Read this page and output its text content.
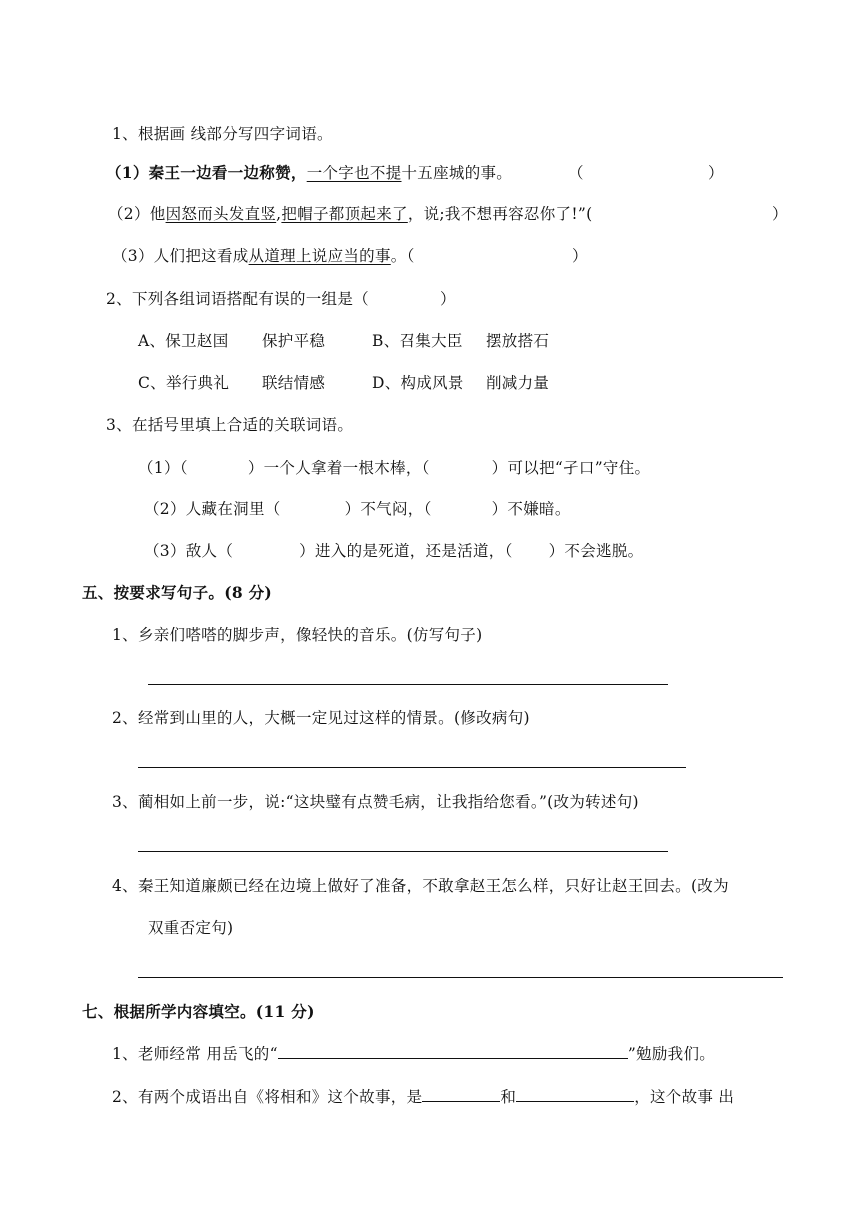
1、根据画 线部分写四字词语。
（1）秦王一边看一边称赞，一个字也不提十五座城的事。	（	）
（2）他因怒而头发直竖,把帽子都顶起来了，说;我不想再容忍你了!”(	）
（3）人们把这看成从道理上说应当的事。（	）
2、下列各组词语搭配有误的一组是（	）
A、保卫赵国 保护平稳	B、召集大臣 摆放搭石
C、举行典礼 联结情感	D、构成风景 削减力量
3、在括号里填上合适的关联词语。
（1）（	）一个人拿着一根木棒，（	）可以把“孑口”守住。
（2）人藏在洞里（	）不气闷，（	）不嫌暗。
（3）敌人（	）进入的是死道，还是活道，（ ）不会逃脱。
五、按要求写句子。(8 分)
1、乡亲们嗒嗒的脚步声，像轻快的音乐。(仿写句子)
2、经常到山里的人，大概一定见过这样的情景。(修改病句)
3、蔺相如上前一步，说:“这块璧有点赞毛病，让我指给您看。”(改为转述句)
4、秦王知道廉颇已经在边境上做好了准备，不敢拿赵王怎么样，只好让赵王回去。(改为
双重否定句)
七、根据所学内容填空。(11 分)
1、老师经常 用岳飞的“	”勉励我们。
2、有两个成语出自《将相和》这个故事，是	和	，这个故事 出
